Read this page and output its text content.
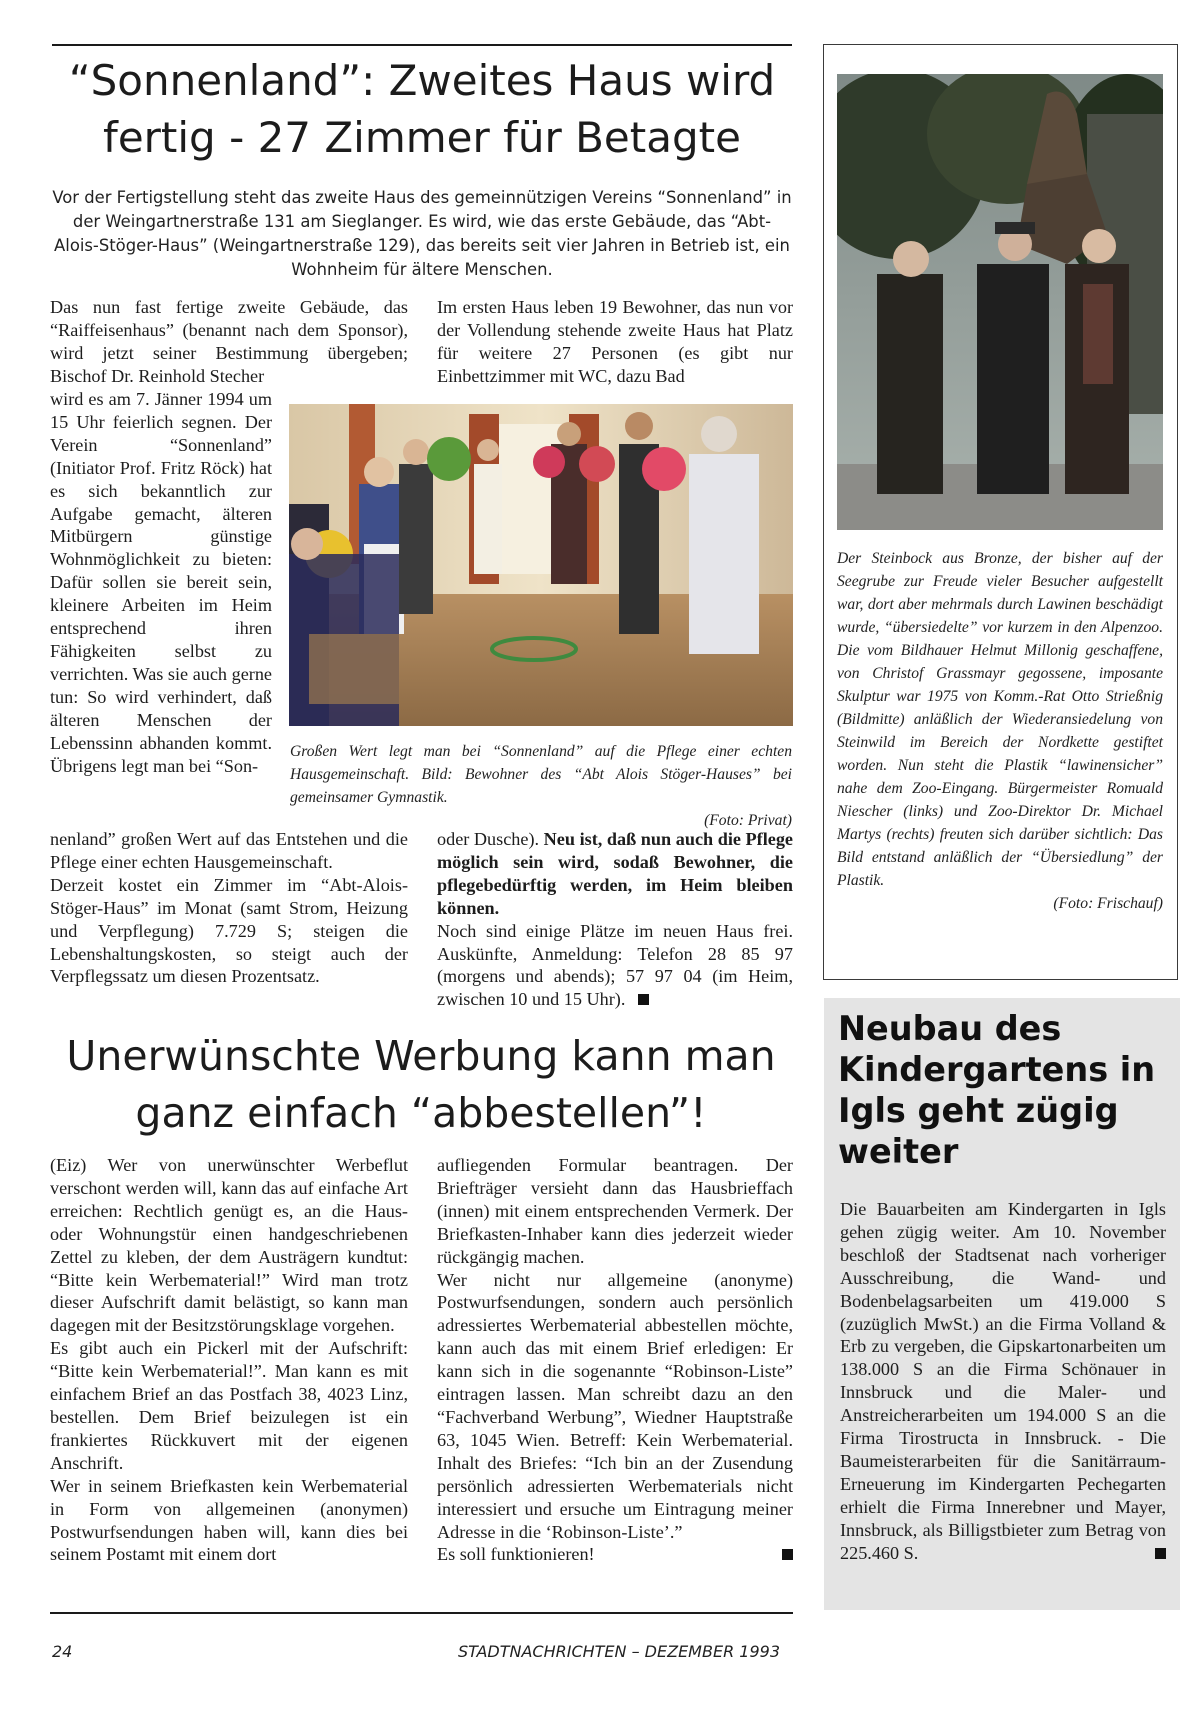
“Sonnenland”: Zweites Haus wird fertig - 27 Zimmer für Betagte
Vor der Fertigstellung steht das zweite Haus des gemeinnützigen Vereins “Sonnenland” in der Weingartnerstraße 131 am Sieglanger. Es wird, wie das erste Gebäude, das “Abt-Alois-Stöger-Haus” (Weingartnerstraße 129), das bereits seit vier Jahren in Betrieb ist, ein Wohnheim für ältere Menschen.

Das nun fast fertige zweite Gebäude, das “Raiffeisenhaus” (benannt nach dem Sponsor), wird jetzt seiner Bestimmung übergeben; Bischof Dr. Reinhold Stecher

Im ersten Haus leben 19 Bewohner, das nun vor der Vollendung stehende zweite Haus hat Platz für weitere 27 Personen (es gibt nur Einbettzimmer mit WC, dazu Bad

wird es am 7. Jänner 1994 um 15 Uhr feierlich segnen. Der Verein “Sonnenland” (Initiator Prof. Fritz Röck) hat es sich bekanntlich zur Aufgabe gemacht, älteren Mitbürgern günstige Wohnmöglichkeit zu bieten: Dafür sollen sie bereit sein, kleinere Arbeiten im Heim entsprechend ihren Fähigkeiten selbst zu verrichten. Was sie auch gerne tun: So wird verhindert, daß älteren Menschen der Lebenssinn abhanden kommt. Übrigens legt man bei “Son-

Großen Wert legt man bei “Sonnenland” auf die Pflege einer echten Hausgemeinschaft. Bild: Bewohner des “Abt Alois Stöger-Hauses” bei gemeinsamer Gymnastik.
(Foto: Privat)

nenland” großen Wert auf das Entstehen und die Pflege einer echten Hausgemeinschaft.

Derzeit kostet ein Zimmer im “Abt-Alois-Stöger-Haus” im Monat (samt Strom, Heizung und Verpflegung) 7.729 S; steigen die Lebenshaltungskosten, so steigt auch der Verpflegssatz um diesen Prozentsatz.

oder Dusche). Neu ist, daß nun auch die Pflege möglich sein wird, sodaß Bewohner, die pflegebedürftig werden, im Heim bleiben können.

Noch sind einige Plätze im neuen Haus frei. Auskünfte, Anmeldung: Telefon 28 85 97 (morgens und abends); 57 97 04 (im Heim, zwischen 10 und 15 Uhr).

Der Steinbock aus Bronze, der bisher auf der Seegrube zur Freude vieler Besucher aufgestellt war, dort aber mehrmals durch Lawinen beschädigt wurde, “übersiedelte” vor kurzem in den Alpenzoo. Die vom Bildhauer Helmut Millonig geschaffene, von Christof Grassmayr gegossene, imposante Skulptur war 1975 von Komm.-Rat Otto Strießnig (Bildmitte) anläßlich der Wiederansiedelung von Steinwild im Bereich der Nordkette gestiftet worden. Nun steht die Plastik “lawinensicher” nahe dem Zoo-Eingang. Bürgermeister Romuald Niescher (links) und Zoo-Direktor Dr. Michael Martys (rechts) freuten sich darüber sichtlich: Das Bild entstand anläßlich der “Übersiedlung” der Plastik.
(Foto: Frischauf)
Unerwünschte Werbung kann man ganz einfach “abbestellen”!

(Eiz) Wer von unerwünschter Werbeflut verschont werden will, kann das auf einfache Art erreichen: Rechtlich genügt es, an die Haus- oder Wohnungstür einen handgeschriebenen Zettel zu kleben, der dem Austrägern kundtut: “Bitte kein Werbematerial!” Wird man trotz dieser Aufschrift damit belästigt, so kann man dagegen mit der Besitzstörungsklage vorgehen.

Es gibt auch ein Pickerl mit der Aufschrift: “Bitte kein Werbematerial!”. Man kann es mit einfachem Brief an das Postfach 38, 4023 Linz, bestellen. Dem Brief beizulegen ist ein frankiertes Rückkuvert mit der eigenen Anschrift.

Wer in seinem Briefkasten kein Werbematerial in Form von allgemeinen (anonymen) Postwurfsendungen haben will, kann dies bei seinem Postamt mit einem dort

aufliegenden Formular beantragen. Der Briefträger versieht dann das Hausbrieffach (innen) mit einem entsprechenden Vermerk. Der Briefkasten-Inhaber kann dies jederzeit wieder rückgängig machen.

Wer nicht nur allgemeine (anonyme) Postwurfsendungen, sondern auch persönlich adressiertes Werbematerial abbestellen möchte, kann auch das mit einem Brief erledigen: Er kann sich in die sogenannte “Robinson-Liste” eintragen lassen. Man schreibt dazu an den “Fachverband Werbung”, Wiedner Hauptstraße 63, 1045 Wien. Betreff: Kein Werbematerial. Inhalt des Briefes: “Ich bin an der Zusendung persönlich adressierten Werbematerials nicht interessiert und ersuche um Eintragung meiner Adresse in die ‘Robinson-Liste’.”

Es soll funktionieren!

Neubau des Kindergartens in Igls geht zügig weiter
Die Bauarbeiten am Kindergarten in Igls gehen zügig weiter. Am 10. November beschloß der Stadtsenat nach vorheriger Ausschreibung, die Wand- und Bodenbelagsarbeiten um 419.000 S (zuzüglich MwSt.) an die Firma Volland & Erb zu vergeben, die Gipskartonarbeiten um 138.000 S an die Firma Schönauer in Innsbruck und die Maler- und Anstreicherarbeiten um 194.000 S an die Firma Tirostructa in Innsbruck. - Die Baumeisterarbeiten für die Sanitärraum-Erneuerung im Kindergarten Pechegarten erhielt die Firma Innerebner und Mayer, Innsbruck, als Billigstbieter zum Betrag von 225.460 S.
24	STADTNACHRICHTEN – DEZEMBER 1993
